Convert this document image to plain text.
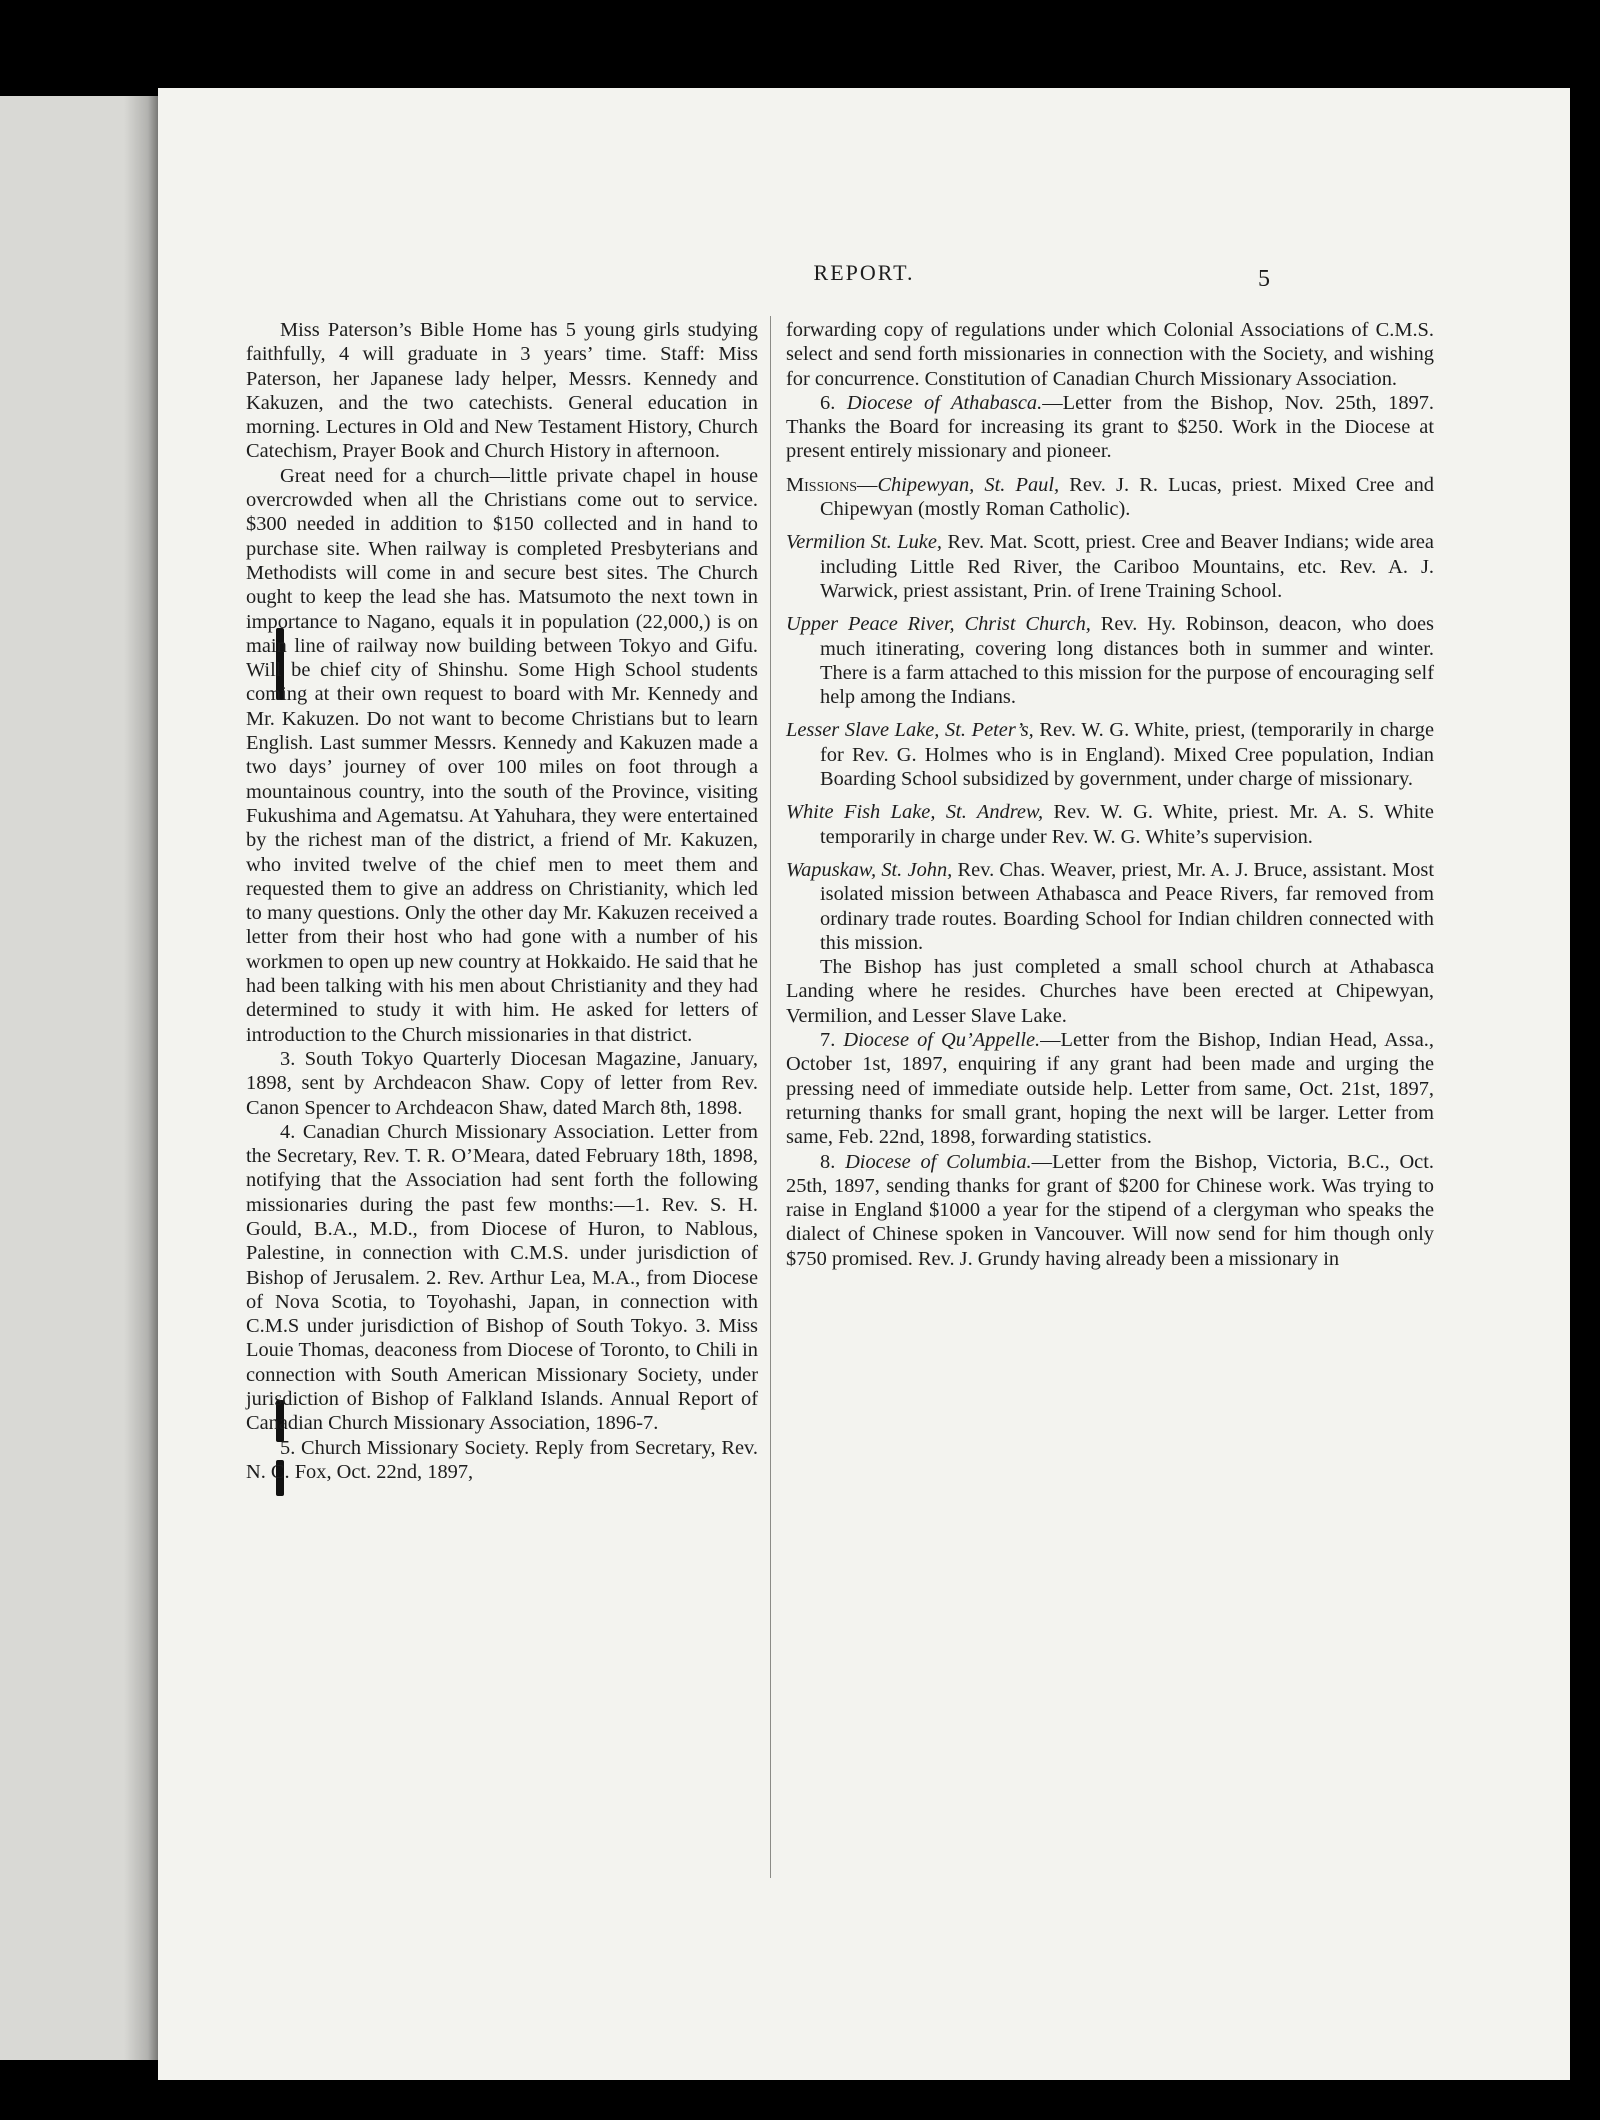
REPORT.	5

Miss Paterson’s Bible Home has 5 young girls studying faithfully, 4 will graduate in 3 years’ time. Staff: Miss Paterson, her Japanese lady helper, Messrs. Kennedy and Kakuzen, and the two catechists. General education in morning. Lectures in Old and New Testament History, Church Catechism, Prayer Book and Church History in afternoon.

Great need for a church—little private chapel in house overcrowded when all the Christians come out to service. $300 needed in addition to $150 collected and in hand to purchase site. When railway is completed Presbyterians and Methodists will come in and secure best sites. The Church ought to keep the lead she has. Matsumoto the next town in importance to Nagano, equals it in population (22,000,) is on main line of railway now building between Tokyo and Gifu. Will be chief city of Shinshu. Some High School students coming at their own request to board with Mr. Kennedy and Mr. Kakuzen. Do not want to become Christians but to learn English. Last summer Messrs. Kennedy and Kakuzen made a two days’ journey of over 100 miles on foot through a mountainous country, into the south of the Province, visiting Fukushima and Agematsu. At Yahuhara, they were entertained by the richest man of the district, a friend of Mr. Kakuzen, who invited twelve of the chief men to meet them and requested them to give an address on Christianity, which led to many questions. Only the other day Mr. Kakuzen received a letter from their host who had gone with a number of his workmen to open up new country at Hokkaido. He said that he had been talking with his men about Christianity and they had determined to study it with him. He asked for letters of introduction to the Church missionaries in that district.

3. South Tokyo Quarterly Diocesan Magazine, January, 1898, sent by Archdeacon Shaw. Copy of letter from Rev. Canon Spencer to Archdeacon Shaw, dated March 8th, 1898.

4. Canadian Church Missionary Association. Letter from the Secretary, Rev. T. R. O’Meara, dated February 18th, 1898, notifying that the Association had sent forth the following missionaries during the past few months:—1. Rev. S. H. Gould, B.A., M.D., from Diocese of Huron, to Nablous, Palestine, in connection with C.M.S. under jurisdiction of Bishop of Jerusalem. 2. Rev. Arthur Lea, M.A., from Diocese of Nova Scotia, to Toyohashi, Japan, in connection with C.M.S under jurisdiction of Bishop of South Tokyo. 3. Miss Louie Thomas, deaconess from Diocese of Toronto, to Chili in connection with South American Missionary Society, under jurisdiction of Bishop of Falkland Islands. Annual Report of Canadian Church Missionary Association, 1896-7.

5. Church Missionary Society. Reply from Secretary, Rev. N. C. Fox, Oct. 22nd, 1897,

forwarding copy of regulations under which Colonial Associations of C.M.S. select and send forth missionaries in connection with the Society, and wishing for concurrence. Constitution of Canadian Church Missionary Association.

6. Diocese of Athabasca.—Letter from the Bishop, Nov. 25th, 1897. Thanks the Board for increasing its grant to $250. Work in the Diocese at present entirely missionary and pioneer.

Missions—Chipewyan, St. Paul, Rev. J. R. Lucas, priest. Mixed Cree and Chipewyan (mostly Roman Catholic).

Vermilion St. Luke, Rev. Mat. Scott, priest. Cree and Beaver Indians; wide area including Little Red River, the Cariboo Mountains, etc. Rev. A. J. Warwick, priest assistant, Prin. of Irene Training School.

Upper Peace River, Christ Church, Rev. Hy. Robinson, deacon, who does much itinerating, covering long distances both in summer and winter. There is a farm attached to this mission for the purpose of encouraging self help among the Indians.

Lesser Slave Lake, St. Peter’s, Rev. W. G. White, priest, (temporarily in charge for Rev. G. Holmes who is in England). Mixed Cree population, Indian Boarding School subsidized by government, under charge of missionary.

White Fish Lake, St. Andrew, Rev. W. G. White, priest. Mr. A. S. White temporarily in charge under Rev. W. G. White’s supervision.

Wapuskaw, St. John, Rev. Chas. Weaver, priest, Mr. A. J. Bruce, assistant. Most isolated mission between Athabasca and Peace Rivers, far removed from ordinary trade routes. Boarding School for Indian children connected with this mission.

The Bishop has just completed a small school church at Athabasca Landing where he resides. Churches have been erected at Chipewyan, Vermilion, and Lesser Slave Lake.

7. Diocese of Qu’Appelle.—Letter from the Bishop, Indian Head, Assa., October 1st, 1897, enquiring if any grant had been made and urging the pressing need of immediate outside help. Letter from same, Oct. 21st, 1897, returning thanks for small grant, hoping the next will be larger. Letter from same, Feb. 22nd, 1898, forwarding statistics.

8. Diocese of Columbia.—Letter from the Bishop, Victoria, B.C., Oct. 25th, 1897, sending thanks for grant of $200 for Chinese work. Was trying to raise in England $1000 a year for the stipend of a clergyman who speaks the dialect of Chinese spoken in Vancouver. Will now send for him though only $750 promised. Rev. J. Grundy having already been a missionary in
